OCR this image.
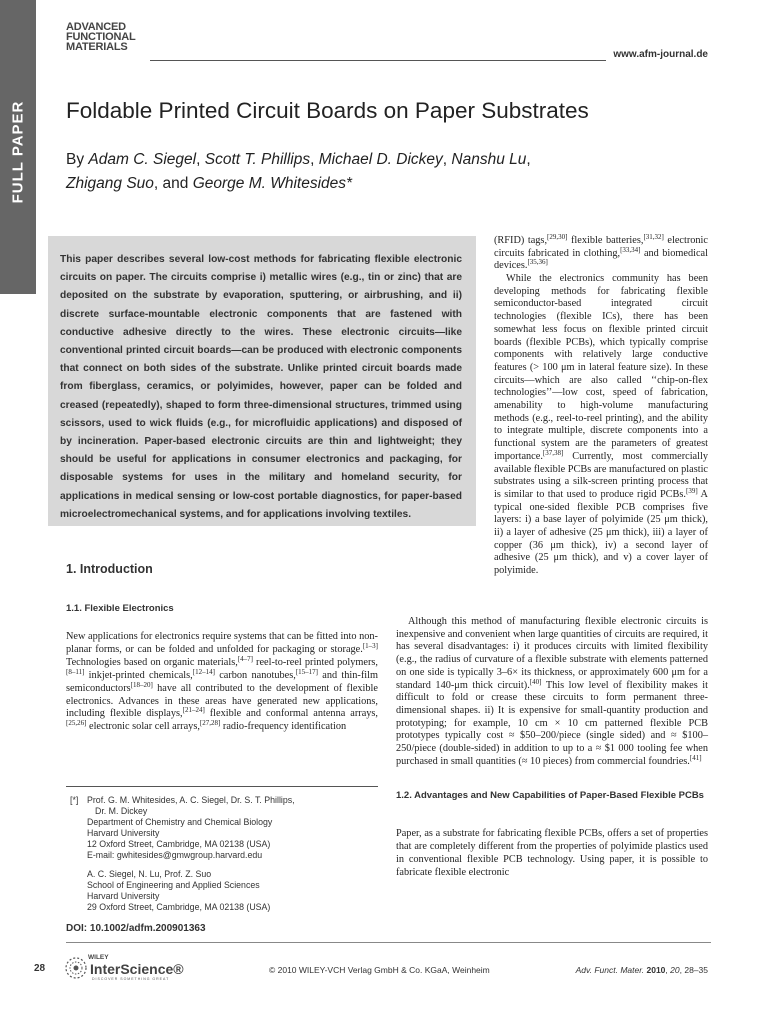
FULL PAPER
ADVANCED
FUNCTIONAL
MATERIALS
www.afm-journal.de
Foldable Printed Circuit Boards on Paper Substrates
By Adam C. Siegel, Scott T. Phillips, Michael D. Dickey, Nanshu Lu,
Zhigang Suo, and George M. Whitesides*
This paper describes several low-cost methods for fabricating flexible electronic circuits on paper. The circuits comprise i) metallic wires (e.g., tin or zinc) that are deposited on the substrate by evaporation, sputtering, or airbrushing, and ii) discrete surface-mountable electronic components that are fastened with conductive adhesive directly to the wires. These electronic circuits—like conventional printed circuit boards—can be produced with electronic components that connect on both sides of the substrate. Unlike printed circuit boards made from fiberglass, ceramics, or polyimides, however, paper can be folded and creased (repeatedly), shaped to form three-dimensional structures, trimmed using scissors, used to wick fluids (e.g., for microfluidic applications) and disposed of by incineration. Paper-based electronic circuits are thin and lightweight; they should be useful for applications in consumer electronics and packaging, for disposable systems for uses in the military and homeland security, for applications in medical sensing or low-cost portable diagnostics, for paper-based microelectromechanical systems, and for applications involving textiles.

(RFID) tags,[29,30] flexible batteries,[31,32] electronic circuits fabricated in clothing,[33,34] and biomedical devices.[35,36]

While the electronics community has been developing methods for fabricating flexible semiconductor-based integrated circuit technologies (flexible ICs), there has been somewhat less focus on flexible printed circuit boards (flexible PCBs), which typically comprise components with relatively large conductive features (> 100 μm in lateral feature size). In these circuits—which are also called ‘‘chip-on-flex technologies’’—low cost, speed of fabrication, amenability to high-volume manufacturing methods (e.g., reel-to-reel printing), and the ability to integrate multiple, discrete components into a functional system are the parameters of greatest importance.[37,38] Currently, most commercially available flexible PCBs are manufactured on plastic substrates using a silk-screen printing process that is similar to that used to produce rigid PCBs.[39] A typical one-sided flexible PCB comprises five layers: i) a base layer of polyimide (25 μm thick), ii) a layer of adhesive (25 μm thick), iii) a layer of copper (36 μm thick), iv) a second layer of adhesive (25 μm thick), and v) a cover layer of polyimide.

Although this method of manufacturing flexible electronic circuits is inexpensive and convenient when large quantities of circuits are required, it has several disadvantages: i) it produces circuits with limited flexibility (e.g., the radius of curvature of a flexible substrate with elements patterned on one side is typically 3–6× its thickness, or approximately 600 μm for a standard 140-μm thick circuit).[40] This low level of flexibility makes it difficult to fold or crease these circuits to form permanent three-dimensional shapes. ii) It is expensive for small-quantity production and prototyping; for example, 10 cm × 10 cm patterned flexible PCB prototypes typically cost ≈ $50–200/piece (single sided) and ≈ $100–250/piece (double-sided) in addition to up to a ≈ $1 000 tooling fee when purchased in small quantities (≈ 10 pieces) from commercial foundries.[41]

1.2. Advantages and New Capabilities of Paper-Based Flexible PCBs

Paper, as a substrate for fabricating flexible PCBs, offers a set of properties that are completely different from the properties of polyimide plastics used in conventional flexible PCB technology. Using paper, it is possible to fabricate flexible electronic

1. Introduction
1.1. Flexible Electronics

New applications for electronics require systems that can be fitted into non-planar forms, or can be folded and unfolded for packaging or storage.[1–3] Technologies based on organic materials,[4–7] reel-to-reel printed polymers,[8–11] inkjet-printed chemicals,[12–14] carbon nanotubes,[15–17] and thin-film semiconductors[18–20] have all contributed to the development of flexible electronics. Advances in these areas have generated new applications, including flexible displays,[21–24] flexible and conformal antenna arrays,[25,26] electronic solar cell arrays,[27,28] radio-frequency identification

[*] Prof. G. M. Whitesides, A. C. Siegel, Dr. S. T. Phillips,
Dr. M. Dickey
Department of Chemistry and Chemical Biology
Harvard University
12 Oxford Street, Cambridge, MA 02138 (USA)
E-mail: gwhitesides@gmwgroup.harvard.edu
A. C. Siegel, N. Lu, Prof. Z. Suo
School of Engineering and Applied Sciences
Harvard University
29 Oxford Street, Cambridge, MA 02138 (USA)
DOI: 10.1002/adfm.200901363
28
WILEY
InterScience®
DISCOVER SOMETHING GREAT
© 2010 WILEY-VCH Verlag GmbH & Co. KGaA, Weinheim	Adv. Funct. Mater. 2010, 20, 28–35
